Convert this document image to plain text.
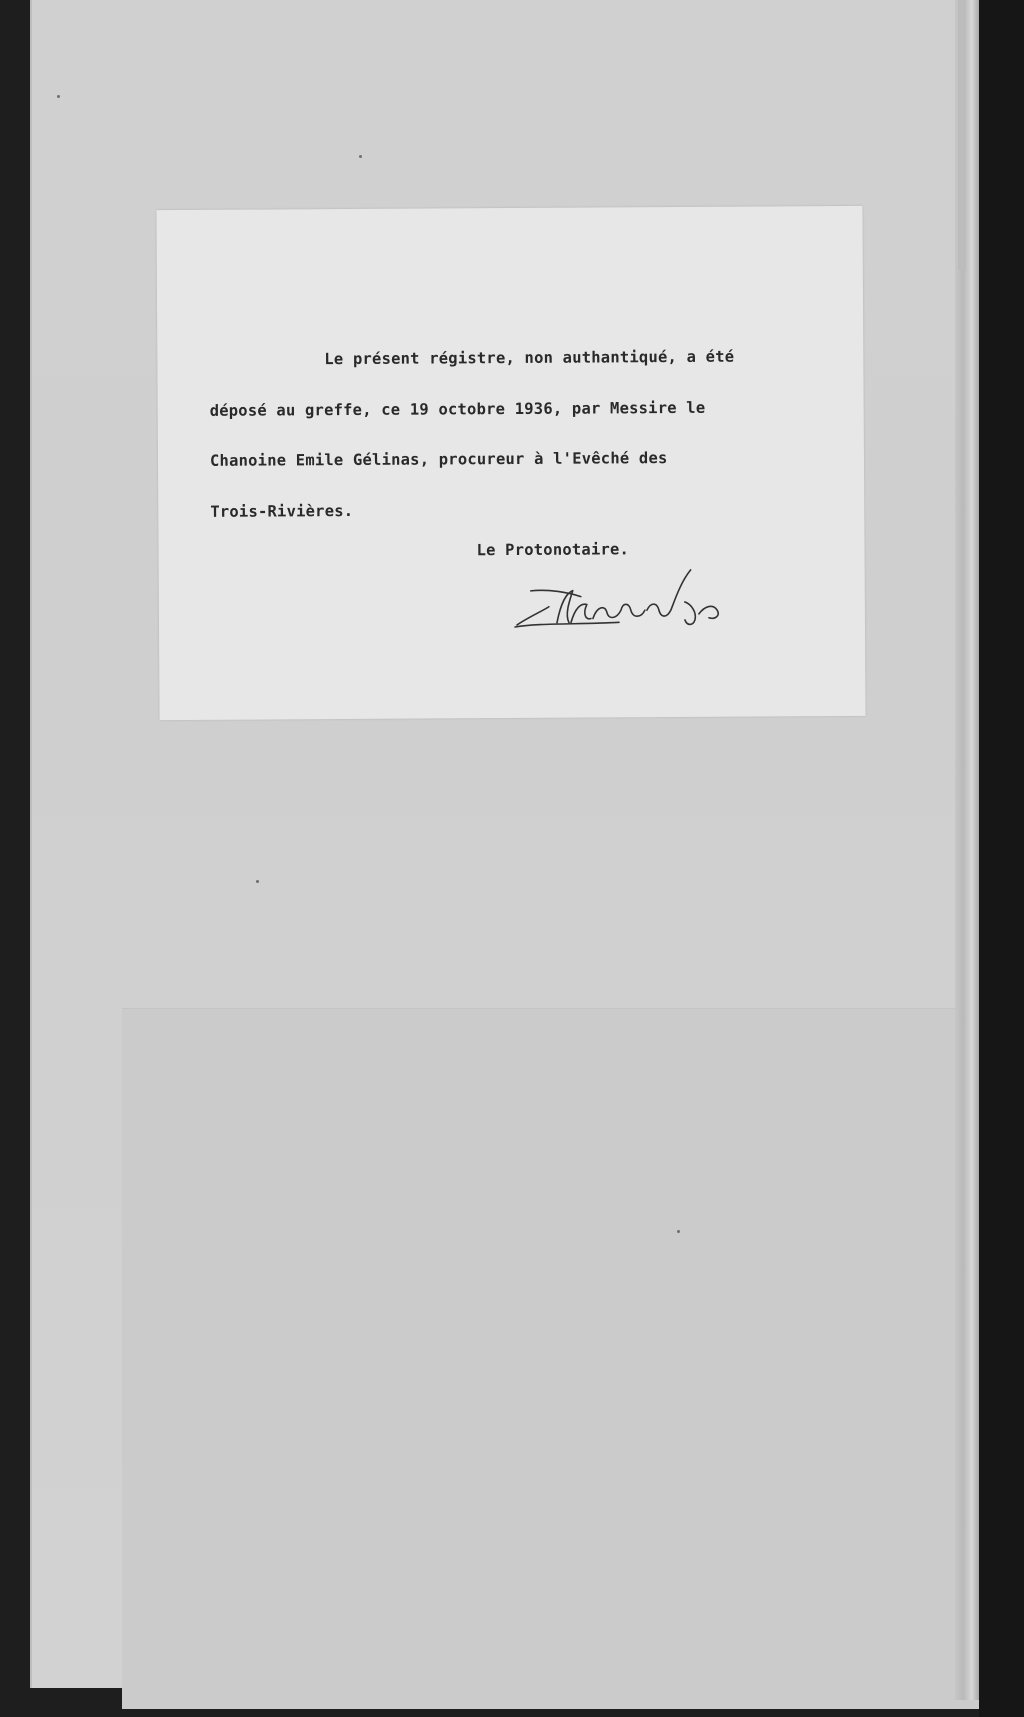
Le présent régistre, non authantiqué, a été
déposé au greffe, ce 19 octobre 1936, par Messire le
Chanoine Emile Gélinas, procureur à l'Evêché des
Trois-Rivières.
Le Protonotaire.
